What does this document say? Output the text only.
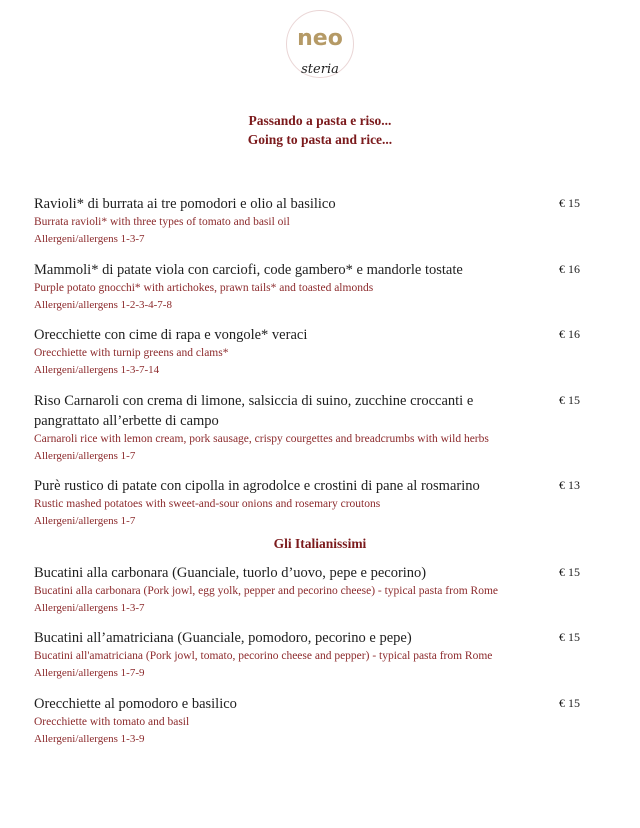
neo
steria
Passando a pasta e riso...
Going to pasta and rice...
Ravioli* di burrata ai tre pomodori e olio al basilico
Burrata ravioli* with three types of tomato and basil oil
Allergeni/allergens 1-3-7
€ 15
Mammoli* di patate viola con carciofi, code gambero* e mandorle tostate
Purple potato gnocchi* with artichokes, prawn tails* and toasted almonds
Allergeni/allergens 1-2-3-4-7-8
€ 16
Orecchiette con cime di rapa e vongole* veraci
Orecchiette with turnip greens and clams*
Allergeni/allergens 1-3-7-14
€ 16
Riso Carnaroli con crema di limone, salsiccia di suino, zucchine croccanti e pangrattato all’erbette di campo
Carnaroli rice with lemon cream, pork sausage, crispy courgettes and breadcrumbs with wild herbs
Allergeni/allergens 1-7
€ 15
Purè rustico di patate con cipolla in agrodolce e crostini di pane al rosmarino
Rustic mashed potatoes with sweet-and-sour onions and rosemary croutons
Allergeni/allergens 1-7
€ 13
Gli Italianissimi
Bucatini alla carbonara (Guanciale, tuorlo d’uovo, pepe e pecorino)
Bucatini alla carbonara (Pork jowl, egg yolk, pepper and pecorino cheese) - typical pasta from Rome
Allergeni/allergens 1-3-7
€ 15
Bucatini all’amatriciana (Guanciale, pomodoro, pecorino e pepe)
Bucatini all'amatriciana (Pork jowl, tomato, pecorino cheese and pepper) - typical pasta from Rome
Allergeni/allergens 1-7-9
€ 15
Orecchiette al pomodoro e basilico
Orecchiette with tomato and basil
Allergeni/allergens 1-3-9
€ 15
